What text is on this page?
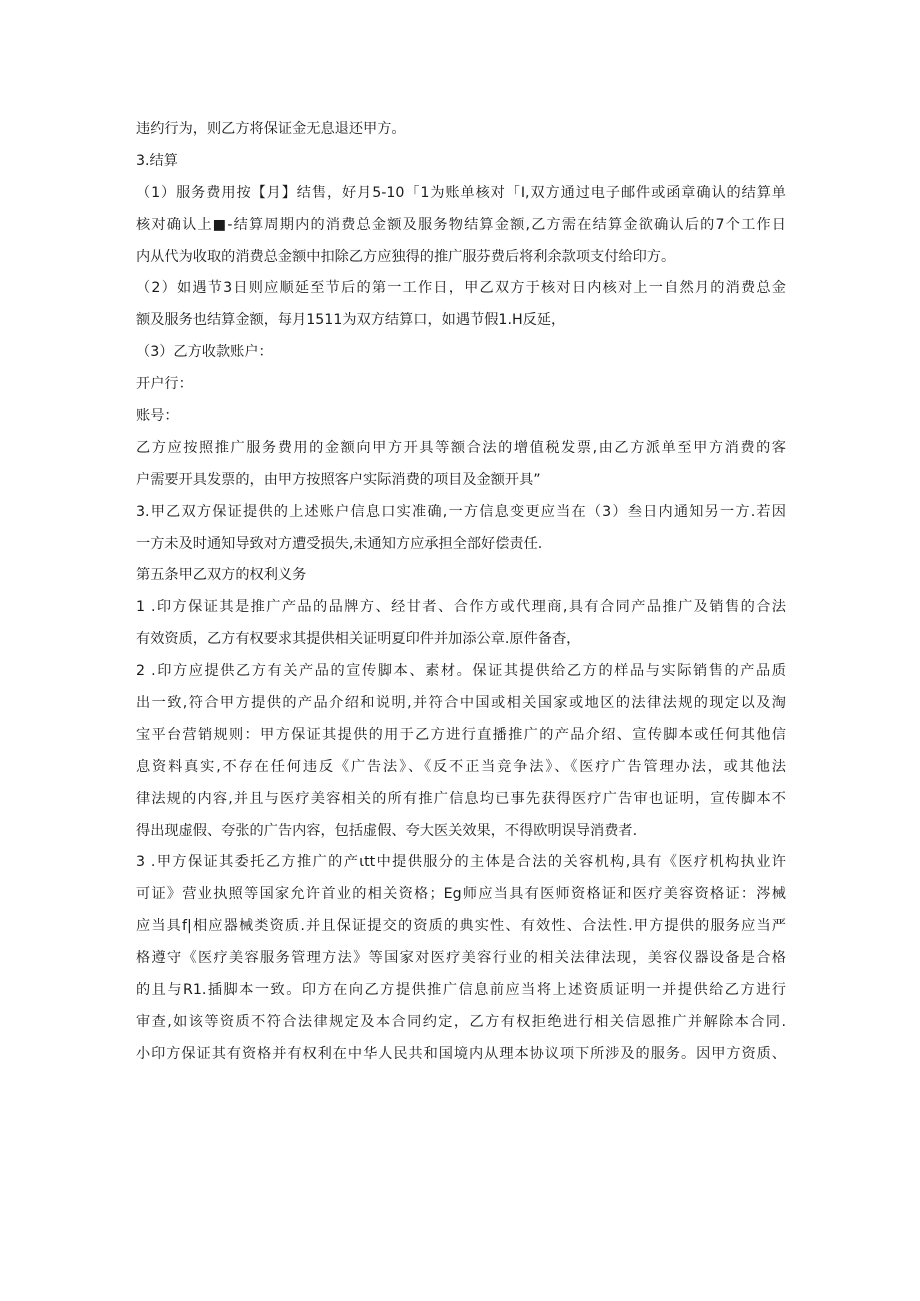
违约行为，则乙方将保证金无息退还甲方。
3.结算
（1）服务费用按【月】结售，好月5-10「1为账单核对「I,双方通过电子邮件或函章确认的结算单
核对确认上■-结算周期内的消费总金额及服务物结算金额,乙方需在结算金欲确认后的7个工作日
内从代为收取的消费总金额中扣除乙方应独得的推广服芬费后将利余款项支付给印方。
（2）如遇节3日则应顺延至节后的第一工作日，甲乙双方于核对日内核对上一自然月的消费总金
额及服务也结算金额，每月1511为双方结算口，如遇节假1.H反延，
（3）乙方收款账户：
开户行：
账号：
乙方应按照推广服务费用的金额向甲方开具等额合法的增值税发票,由乙方派单至甲方消费的客
户需要开具发票的，由甲方按照客户实际消费的项目及金额开具”
3.甲乙双方保证提供的上述账户信息口实准确,一方信息变更应当在（3）叁日内通知另一方.若因
一方未及时通知导致对方遭受损失,未通知方应承担全部好偿责任.
第五条甲乙双方的权利义务
1 .印方保证其是推广产品的品牌方、经甘者、合作方或代理商,具有合同产品推广及销售的合法
有效资质，乙方有权要求其提供相关证明夏印件并加添公章.原件备杳，
2 .印方应提供乙方有关产品的宣传脚本、素材。保证其提供给乙方的样品与实际销售的产品质
出一致,符合甲方提供的产品介绍和说明,并符合中国或相关国家或地区的法律法规的现定以及淘
宝平台营销规则：甲方保证其提供的用于乙方进行直播推广的产品介绍、宣传脚本或任何其他信
息资料真实,不存在任何违反《广告法》、《反不正当竞争法》、《医疗广告管理办法，或其他法
律法规的内容,并且与医疗美容相关的所有推广信息均已事先获得医疗广告审也证明，宣传脚本不
得出现虚假、夸张的广告内容，包括虚假、夸大医关效果，不得欧明误导消费者.
3 .甲方保证其委托乙方推广的产ιtt中提供服分的主体是合法的关容机构,具有《医疗机构执业许
可证》营业执照等国家允许首业的相关资格；Eg师应当具有医师资格证和医疗美容资格证：涔械
应当具f|相应器械类资质.并且保证提交的资质的典实性、有效性、合法性.甲方提供的服务应当严
格遵守《医疗美容服务管理方法》等国家对医疗美容行业的相关法律法现，美容仪器设备是合格
的且与R1.插脚本一致。印方在向乙方提供推广信息前应当将上述资质证明一并提供给乙方进行
审查,如该等资质不符合法律规定及本合同约定，乙方有权拒绝进行相关信恩推广并解除本合同.
小印方保证其有资格并有权利在中华人民共和国境内从理本协议项下所涉及的服务。因甲方资质、
